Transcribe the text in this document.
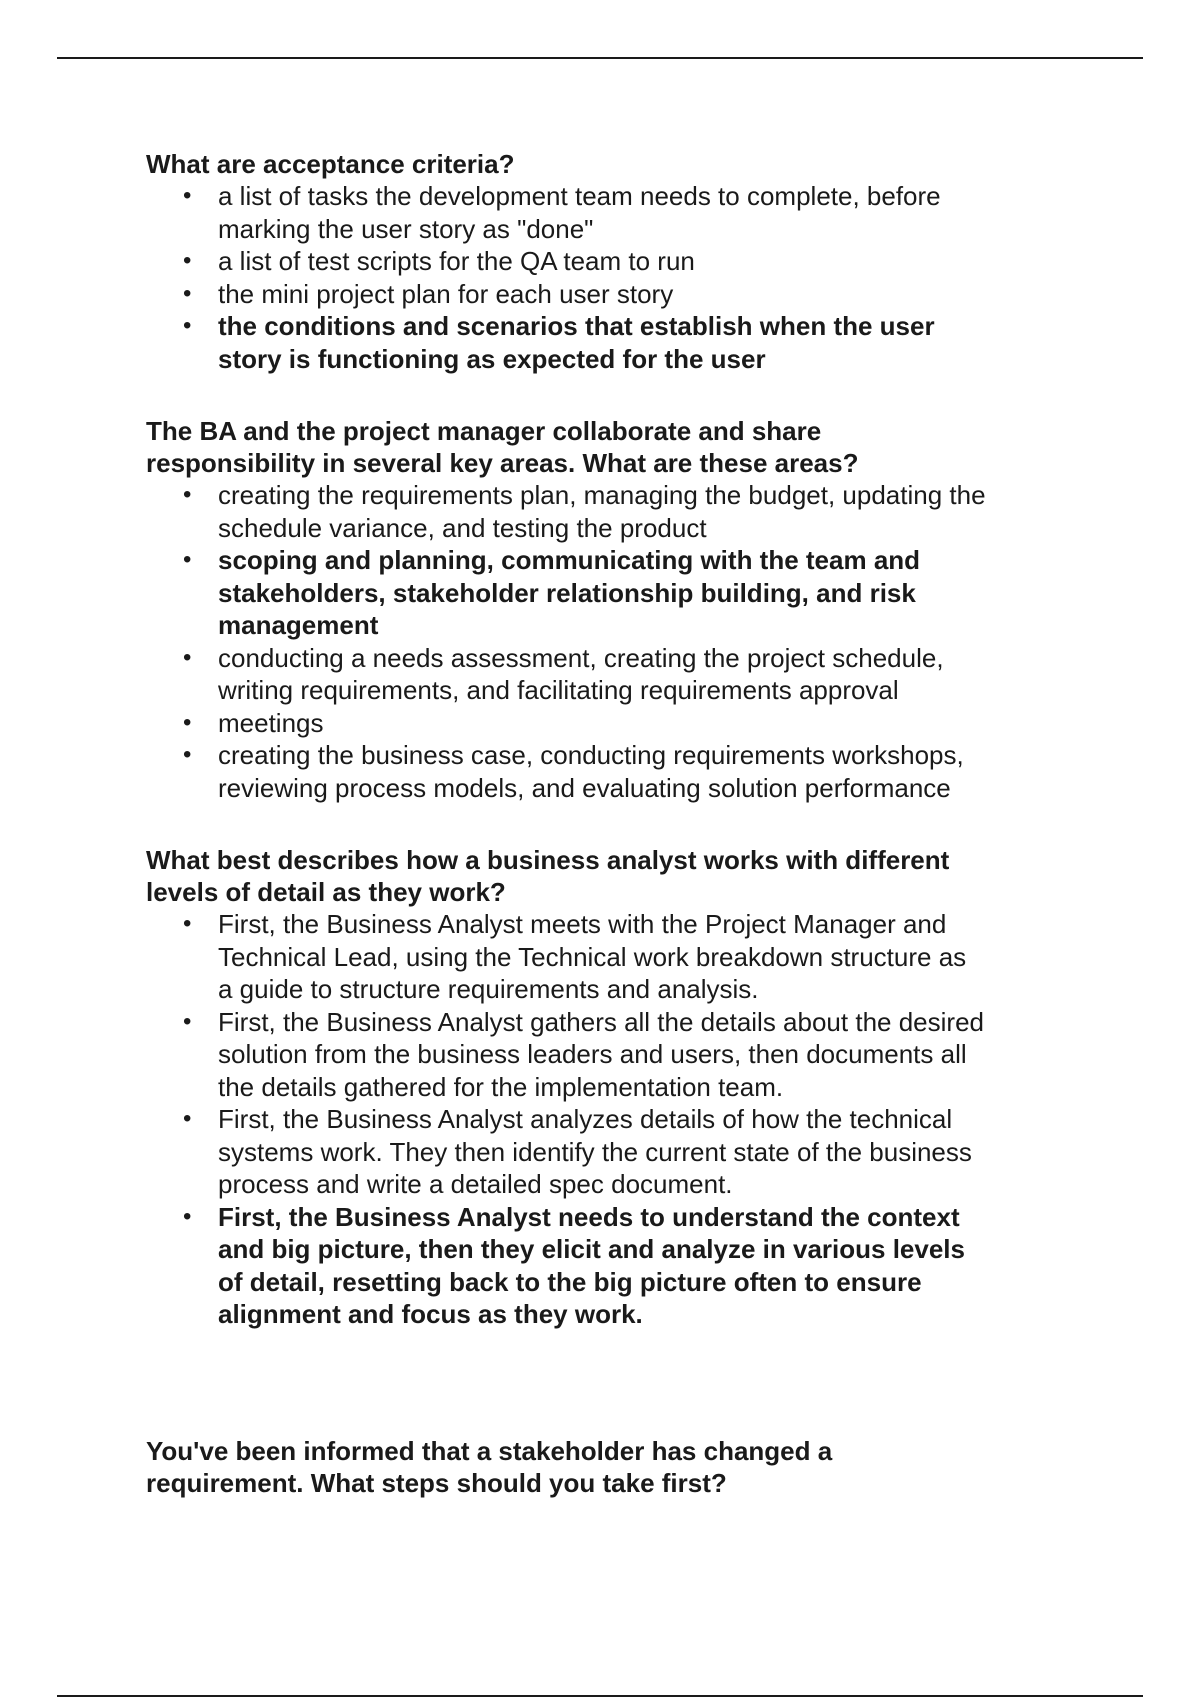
What are acceptance criteria?

• a list of tasks the development team needs to complete, before
marking the user story as "done"
• a list of test scripts for the QA team to run
• the mini project plan for each user story
• the conditions and scenarios that establish when the user
story is functioning as expected for the user

The BA and the project manager collaborate and share
responsibility in several key areas. What are these areas?

• creating the requirements plan, managing the budget, updating the
schedule variance, and testing the product
• scoping and planning, communicating with the team and
stakeholders, stakeholder relationship building, and risk
management
• conducting a needs assessment, creating the project schedule,
writing requirements, and facilitating requirements approval
• meetings
• creating the business case, conducting requirements workshops,
reviewing process models, and evaluating solution performance

What best describes how a business analyst works with different
levels of detail as they work?

• First, the Business Analyst meets with the Project Manager and
Technical Lead, using the Technical work breakdown structure as
a guide to structure requirements and analysis.
• First, the Business Analyst gathers all the details about the desired
solution from the business leaders and users, then documents all
the details gathered for the implementation team.
• First, the Business Analyst analyzes details of how the technical
systems work. They then identify the current state of the business
process and write a detailed spec document.
• First, the Business Analyst needs to understand the context
and big picture, then they elicit and analyze in various levels
of detail, resetting back to the big picture often to ensure
alignment and focus as they work.

You've been informed that a stakeholder has changed a
requirement. What steps should you take first?
